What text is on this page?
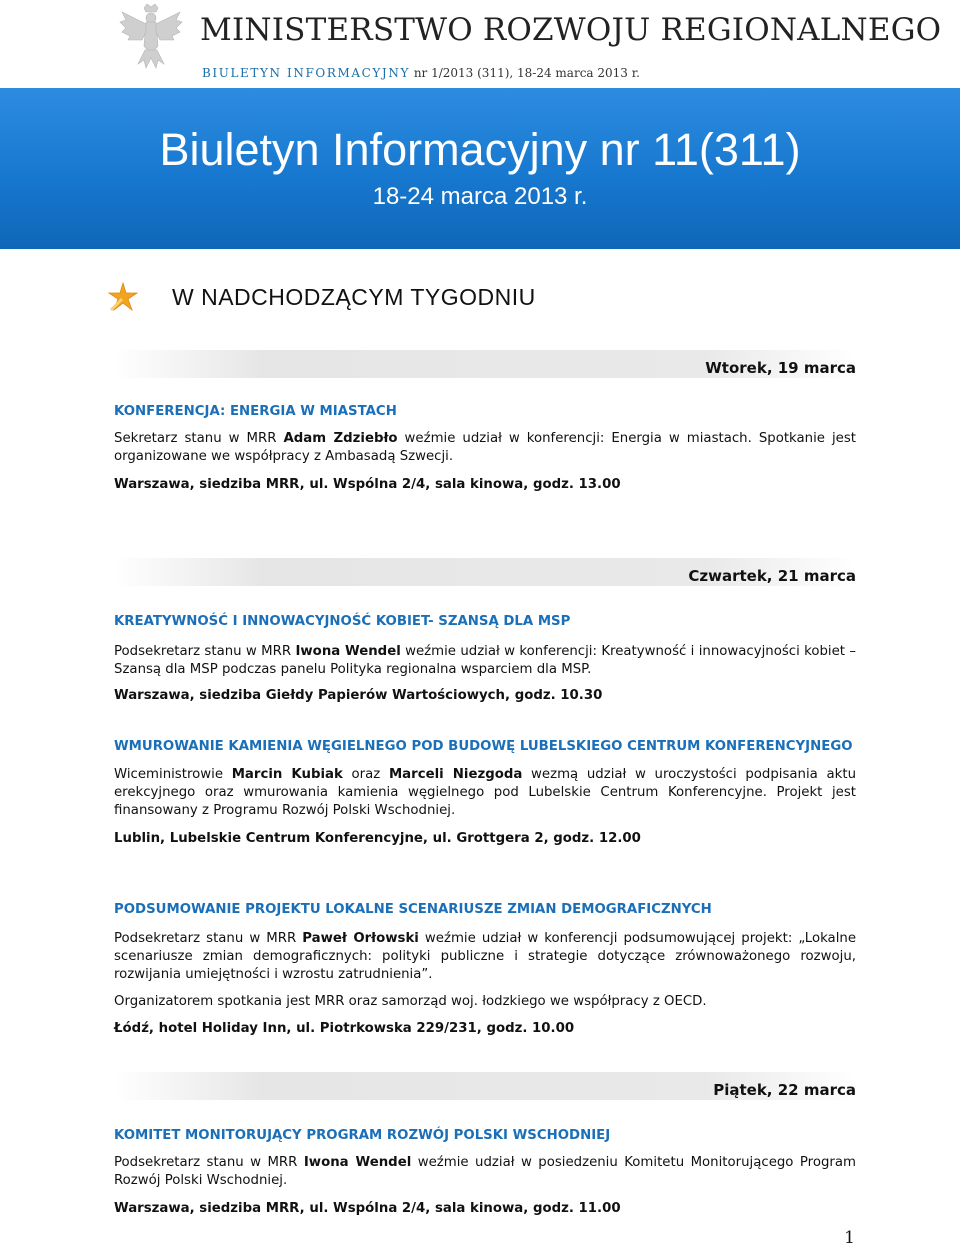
MINISTERSTWO ROZWOJU REGIONALNEGO
BIULETYN INFORMACYJNY nr 1/2013 (311), 18-24 marca 2013 r.
Biuletyn Informacyjny nr 11(311)
18-24 marca 2013 r.
W NADCHODZĄCYM TYGODNIU
Wtorek, 19 marca
KONFERENCJA: ENERGIA W MIASTACH

Sekretarz stanu w MRR Adam Zdziebło weźmie udział w konferencji: Energia w miastach. Spotkanie jest organizowane we współpracy z Ambasadą Szwecji.

Warszawa, siedziba MRR, ul. Wspólna 2/4, sala kinowa, godz. 13.00
Czwartek, 21 marca
KREATYWNOŚĆ I INNOWACYJNOŚĆ KOBIET- SZANSĄ DLA MSP

Podsekretarz stanu w MRR Iwona Wendel weźmie udział w konferencji: Kreatywność i innowacyjności kobiet – Szansą dla MSP podczas panelu Polityka regionalna wsparciem dla MSP.

Warszawa, siedziba Giełdy Papierów Wartościowych, godz. 10.30
WMUROWANIE KAMIENIA WĘGIELNEGO POD BUDOWĘ LUBELSKIEGO CENTRUM KONFERENCYJNEGO

Wiceministrowie Marcin Kubiak oraz Marceli Niezgoda wezmą udział w uroczystości podpisania aktu erekcyjnego oraz wmurowania kamienia węgielnego pod Lubelskie Centrum Konferencyjne. Projekt jest finansowany z Programu Rozwój Polski Wschodniej.

Lublin, Lubelskie Centrum Konferencyjne, ul. Grottgera 2, godz. 12.00
PODSUMOWANIE PROJEKTU LOKALNE SCENARIUSZE ZMIAN DEMOGRAFICZNYCH

Podsekretarz stanu w MRR Paweł Orłowski weźmie udział w konferencji podsumowującej projekt: „Lokalne scenariusze zmian demograficznych: polityki publiczne i strategie dotyczące zrównoważonego rozwoju, rozwijania umiejętności i wzrostu zatrudnienia”.

Organizatorem spotkania jest MRR oraz samorząd woj. łodzkiego we współpracy z OECD.

Łódź, hotel Holiday Inn, ul. Piotrkowska 229/231, godz. 10.00
Piątek, 22 marca
KOMITET MONITORUJĄCY PROGRAM ROZWÓJ POLSKI WSCHODNIEJ

Podsekretarz stanu w MRR Iwona Wendel weźmie udział w posiedzeniu Komitetu Monitorującego Program Rozwój Polski Wschodniej.

Warszawa, siedziba MRR, ul. Wspólna 2/4, sala kinowa, godz. 11.00
1
